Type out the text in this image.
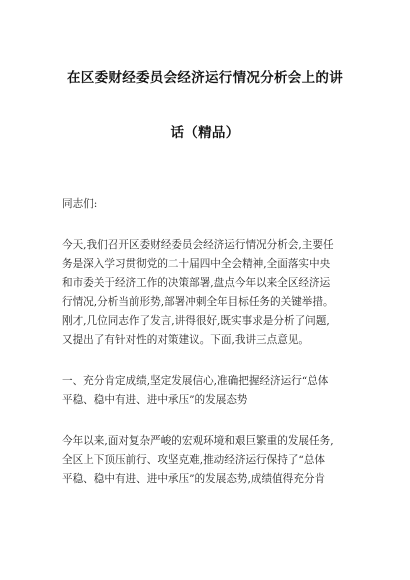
在区委财经委员会经济运行情况分析会上的讲
话（精品）
同志们:
今天,我们召开区委财经委员会经济运行情况分析会,主要任
务是深入学习贯彻党的二十届四中全会精神,全面落实中央
和市委关于经济工作的决策部署,盘点今年以来全区经济运
行情况,分析当前形势,部署冲刺全年目标任务的关键举措。
刚才,几位同志作了发言,讲得很好,既实事求是分析了问题,
又提出了有针对性的对策建议。下面,我讲三点意见。
一、充分肯定成绩,坚定发展信心,准确把握经济运行“总体
平稳、稳中有进、进中承压”的发展态势
今年以来,面对复杂严峻的宏观环境和艰巨繁重的发展任务,
全区上下顶压前行、攻坚克难,推动经济运行保持了“总体
平稳、稳中有进、进中承压”的发展态势,成绩值得充分肯
